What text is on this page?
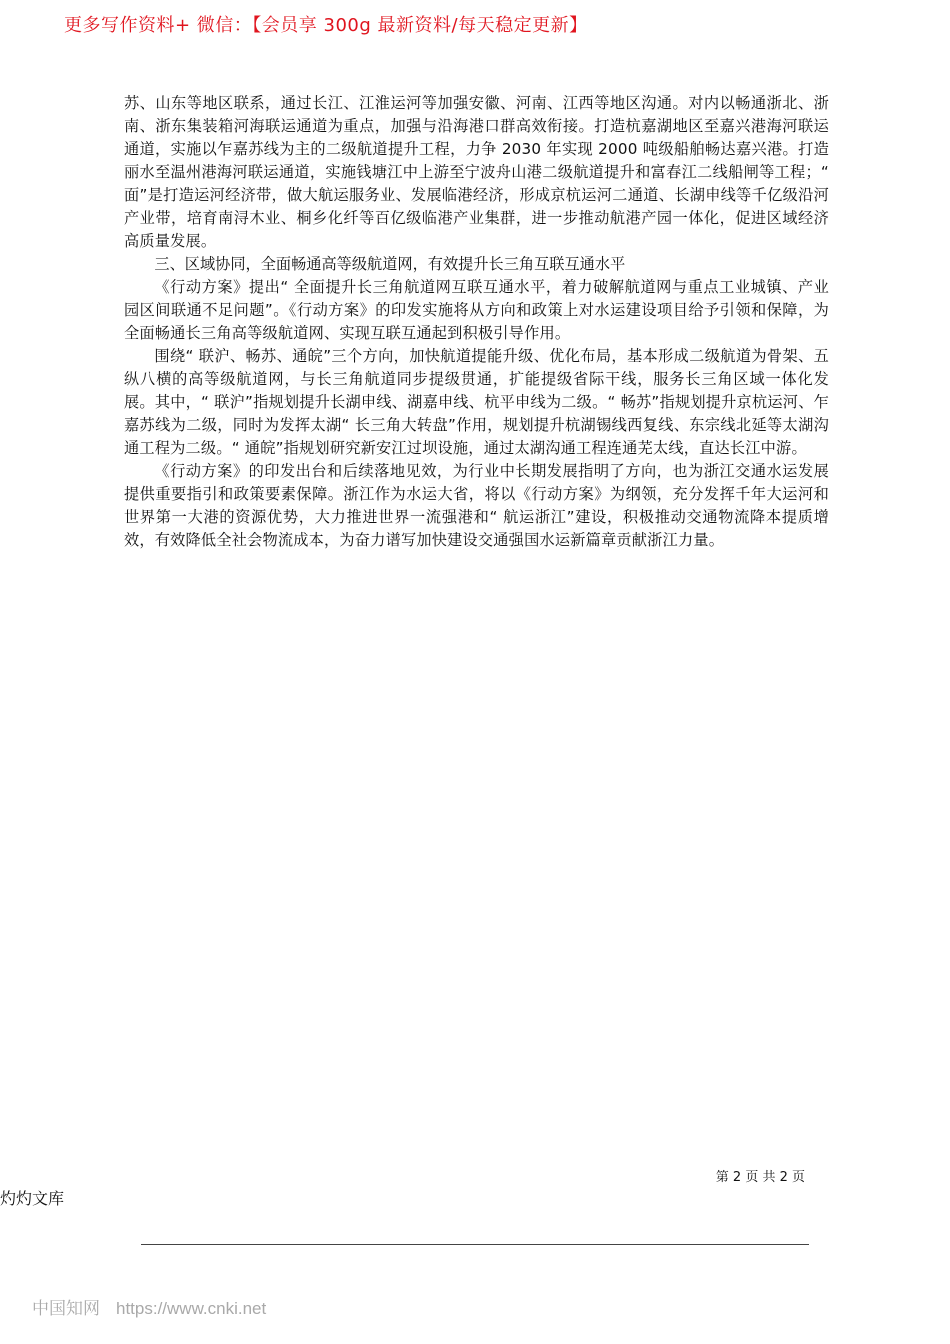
更多写作资料+ 微信：【会员享 300g 最新资料/每天稳定更新】

苏、山东等地区联系，通过长江、江淮运河等加强安徽、河南、江西等地区沟通。对内以畅通浙北、浙南、浙东集装箱河海联运通道为重点，加强与沿海港口群高效衔接。打造杭嘉湖地区至嘉兴港海河联运通道，实施以乍嘉苏线为主的二级航道提升工程，力争 2030 年实现 2000 吨级船舶畅达嘉兴港。打造丽水至温州港海河联运通道，实施钱塘江中上游至宁波舟山港二级航道提升和富春江二线船闸等工程；“ 面”是打造运河经济带，做大航运服务业、发展临港经济，形成京杭运河二通道、长湖申线等千亿级沿河产业带，培育南浔木业、桐乡化纤等百亿级临港产业集群，进一步推动航港产园一体化，促进区域经济高质量发展。

三、区域协同，全面畅通高等级航道网，有效提升长三角互联互通水平

《行动方案》提出“ 全面提升长三角航道网互联互通水平，着力破解航道网与重点工业城镇、产业园区间联通不足问题”。《行动方案》的印发实施将从方向和政策上对水运建设项目给予引领和保障，为全面畅通长三角高等级航道网、实现互联互通起到积极引导作用。

围绕“ 联沪、畅苏、通皖”三个方向，加快航道提能升级、优化布局，基本形成二级航道为骨架、五纵八横的高等级航道网，与长三角航道同步提级贯通，扩能提级省际干线，服务长三角区域一体化发展。其中，“ 联沪”指规划提升长湖申线、湖嘉申线、杭平申线为二级。“ 畅苏”指规划提升京杭运河、乍嘉苏线为二级，同时为发挥太湖“ 长三角大转盘”作用，规划提升杭湖锡线西复线、东宗线北延等太湖沟通工程为二级。“ 通皖”指规划研究新安江过坝设施，通过太湖沟通工程连通芜太线，直达长江中游。

《行动方案》的印发出台和后续落地见效，为行业中长期发展指明了方向，也为浙江交通水运发展提供重要指引和政策要素保障。浙江作为水运大省，将以《行动方案》为纲领，充分发挥千年大运河和世界第一大港的资源优势，大力推进世界一流强港和“ 航运浙江”建设，积极推动交通物流降本提质增效，有效降低全社会物流成本，为奋力谱写加快建设交通强国水运新篇章贡献浙江力量。

第 2 页 共 2 页
灼灼文库
中国知网 https://www.cnki.net
